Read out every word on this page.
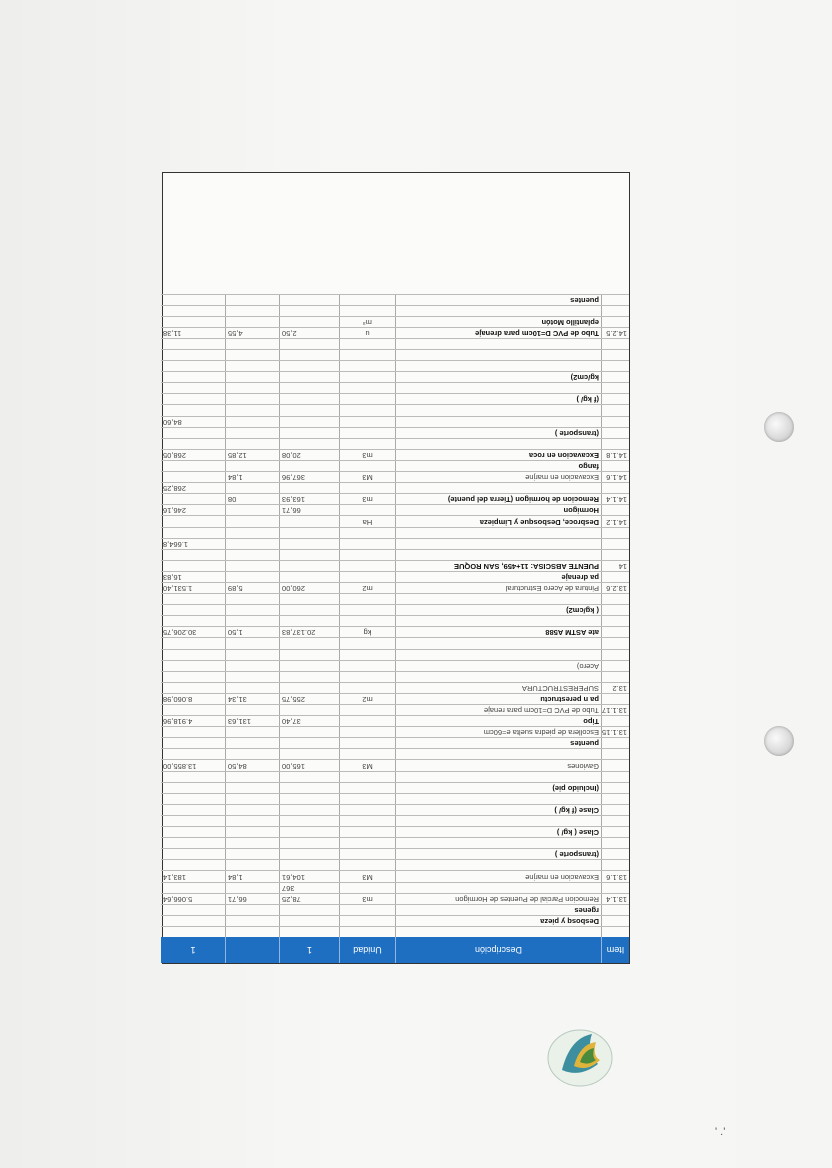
Item
Descripción
Unidad
1
1
Desbosq y pieza
rgenes
13.1.4
Remocion Parcial de Puentes de Hormigon
m3
78,25
66,71
5.066,64
367
13.1.6
Excavacion en marjne
M3
104,61
1,84
183,14
(transporte )
Clase ( kg/ )
Clase (f kg/ )
(Incluido pie)
Gaviones
M3
165,00
84,50
13.855,00
puentes
13.1.15
Escollera de piedra suelta e=60cm
Tipo
37,40
131,63
4.918,96
13.1.17
Tubo de PVC D=10cm para renaje
pa n perestructu
m2
255,75
31,34
8.060,98
13.2
SUPERESTRUCTURA
Acero)
ate ASTM A588
kg
20.137,83
1,50
30.206,75
( kg/cm2)
13.2.6
Pintura de Acero Estructural
m2
260,00
5,89
1.531,40
pa drenaje
16,83
14
PUENTE ABSCISA: 11+459, SAN ROQUE
1.664,8
14.1.2
Desbroce, Desbosque y Limpieza
Ha
Hormigon
66,71
246,16
14.1.4
Remocion de hormigon (Tierra del puente)
m3
163,93
08
268,25
14.1.6
Excavacion en marjne
M3
367,96
1,84
fango
14.1.8
Excavacion en roca
m3
20,08
12,85
268,05
(transporte )
84,60
(f kg/ )
kg/cm2)
14.2.5
Tubo de PVC D=10cm para drenaje
u
2,50
4,55
11,38
eplantillo Motón
m³
puentes
' .'
